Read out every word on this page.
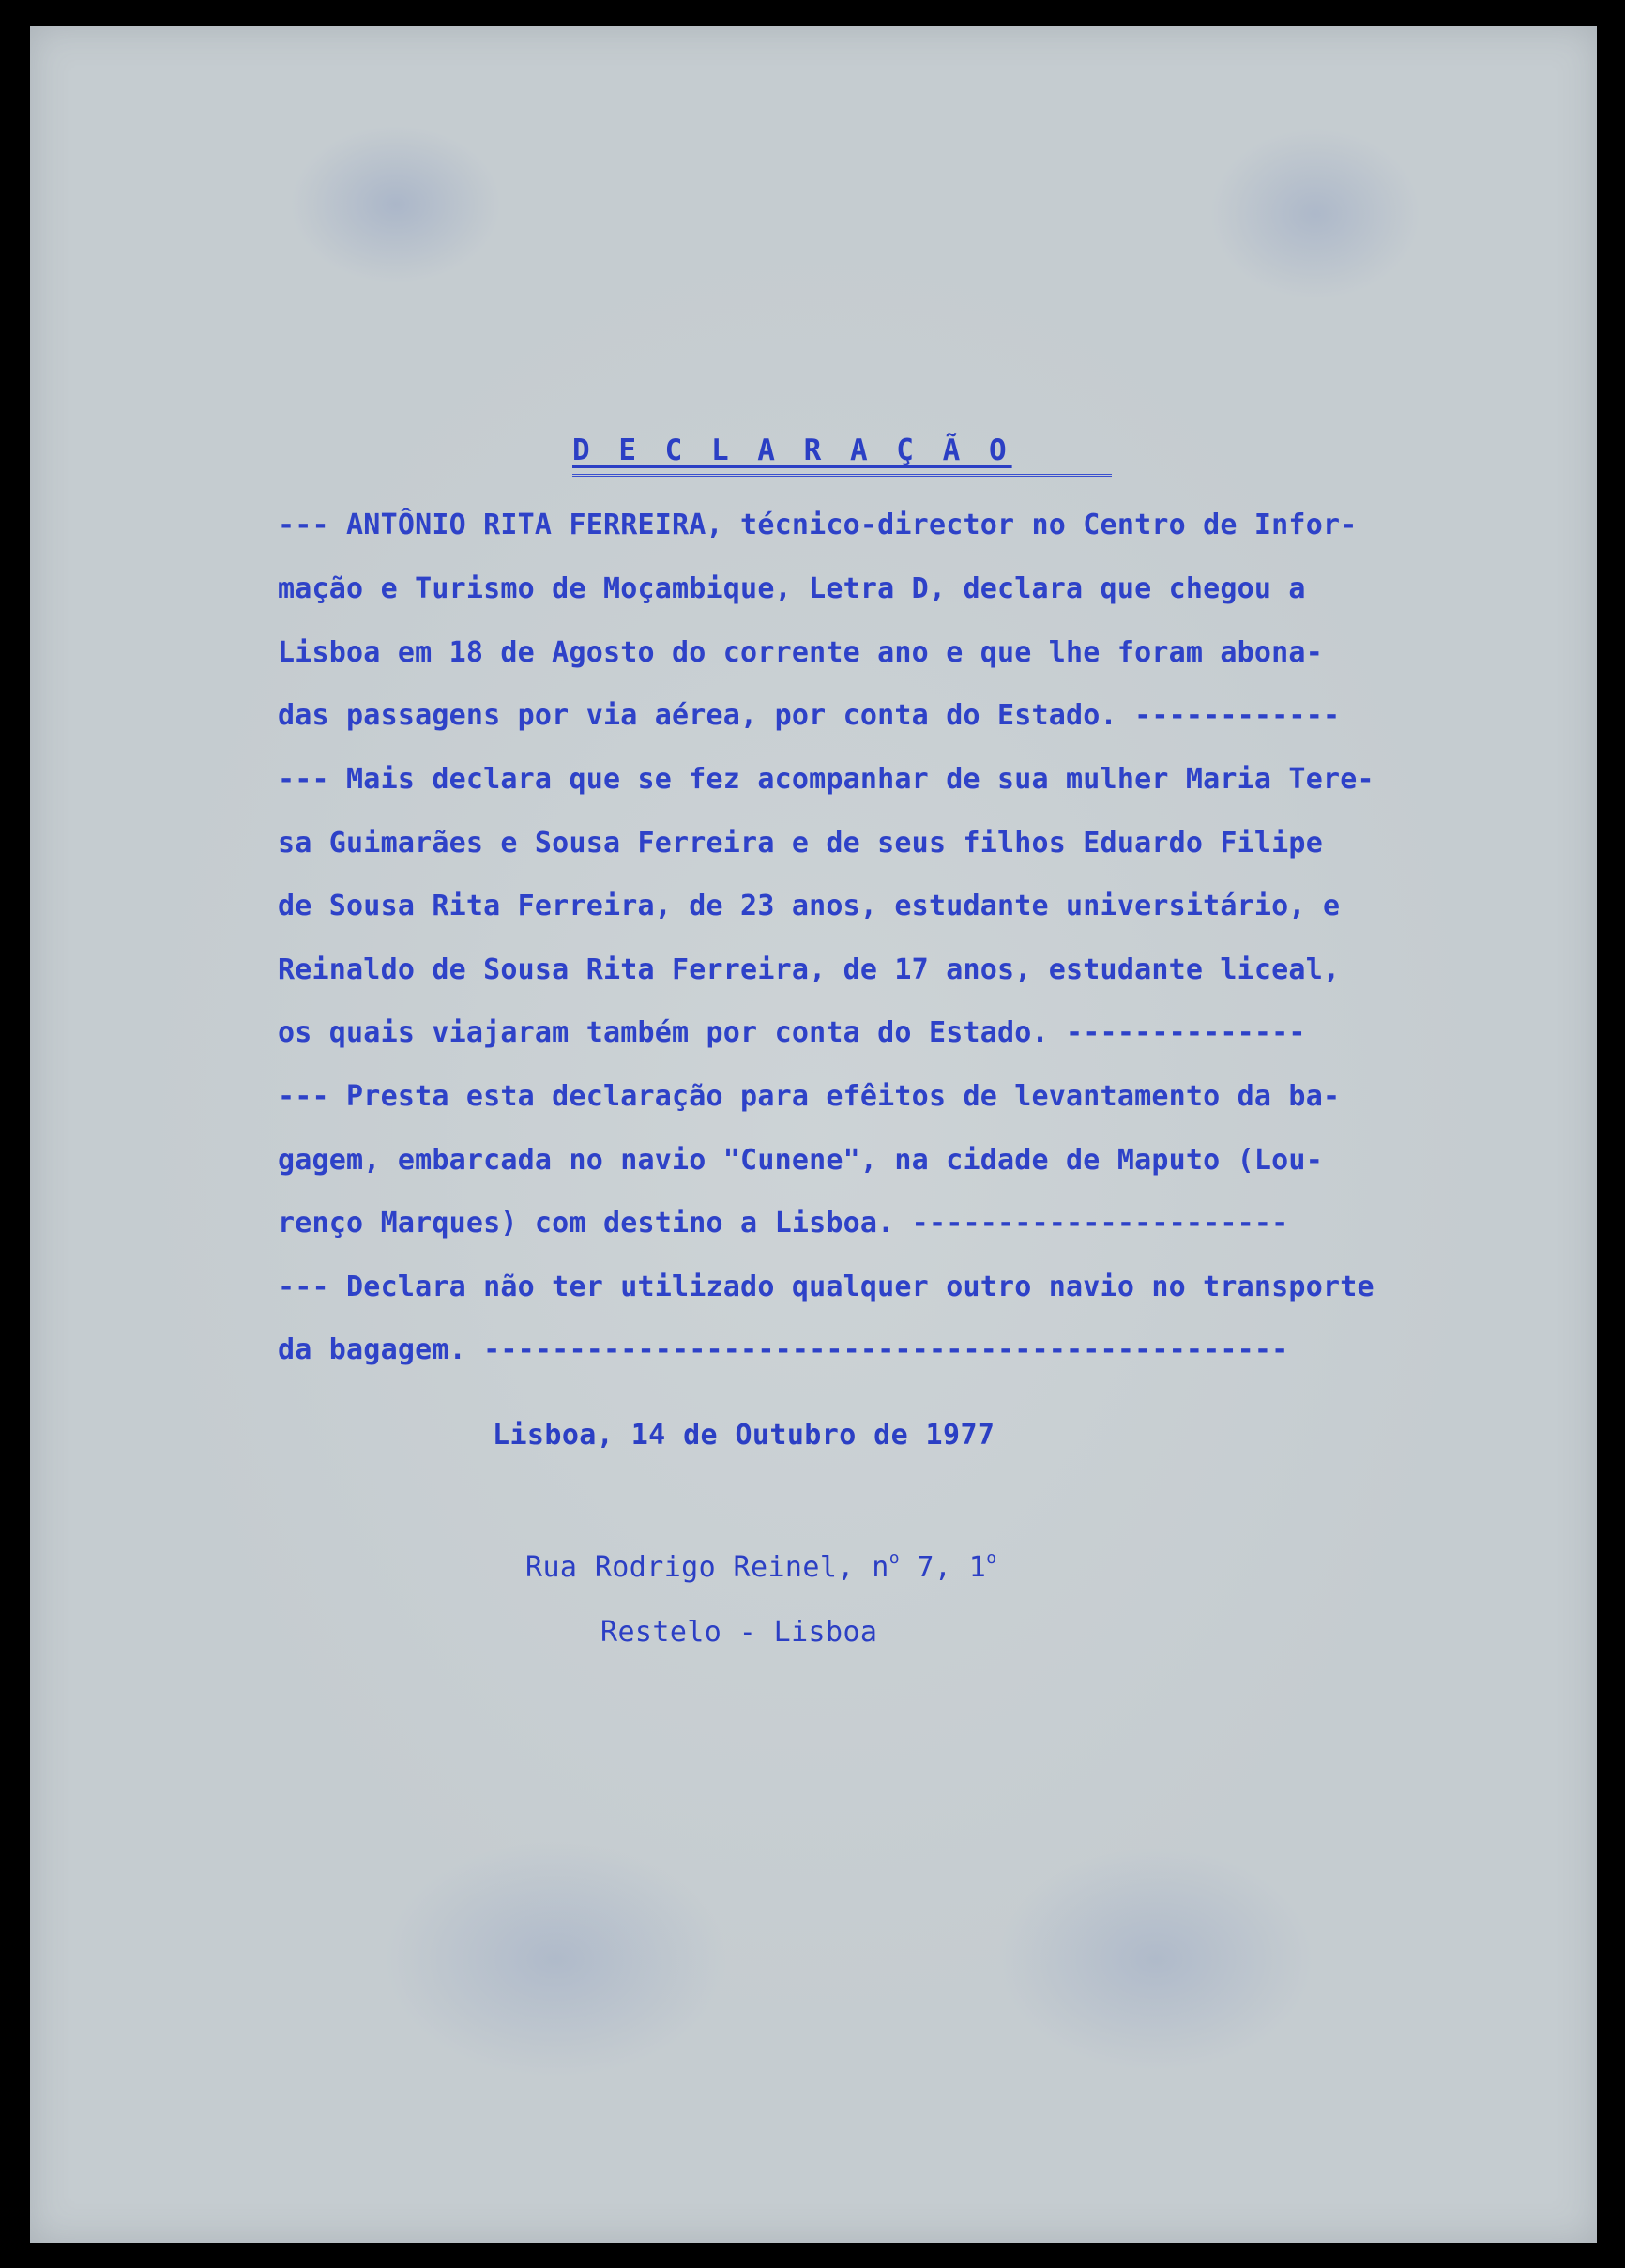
D E C L A R A Ç Ã O
--- ANTÔNIO RITA FERREIRA, técnico-director no Centro de Infor-
mação e Turismo de Moçambique, Letra D, declara que chegou a
Lisboa em 18 de Agosto do corrente ano e que lhe foram abona-
das passagens por via aérea, por conta do Estado. ------------
--- Mais declara que se fez acompanhar de sua mulher Maria Tere-
sa Guimarães e Sousa Ferreira e de seus filhos Eduardo Filipe
de Sousa Rita Ferreira, de 23 anos, estudante universitário, e
Reinaldo de Sousa Rita Ferreira, de 17 anos, estudante liceal,
os quais viajaram também por conta do Estado. --------------
--- Presta esta declaração para efêitos de levantamento da ba-
gagem, embarcada no navio "Cunene", na cidade de Maputo (Lou-
renço Marques) com destino a Lisboa. ----------------------
--- Declara não ter utilizado qualquer outro navio no transporte
da bagagem. -----------------------------------------------
Lisboa, 14 de Outubro de 1977
Rua Rodrigo Reinel, $n^o$ 7, 1$^o$
Restelo - Lisboa
